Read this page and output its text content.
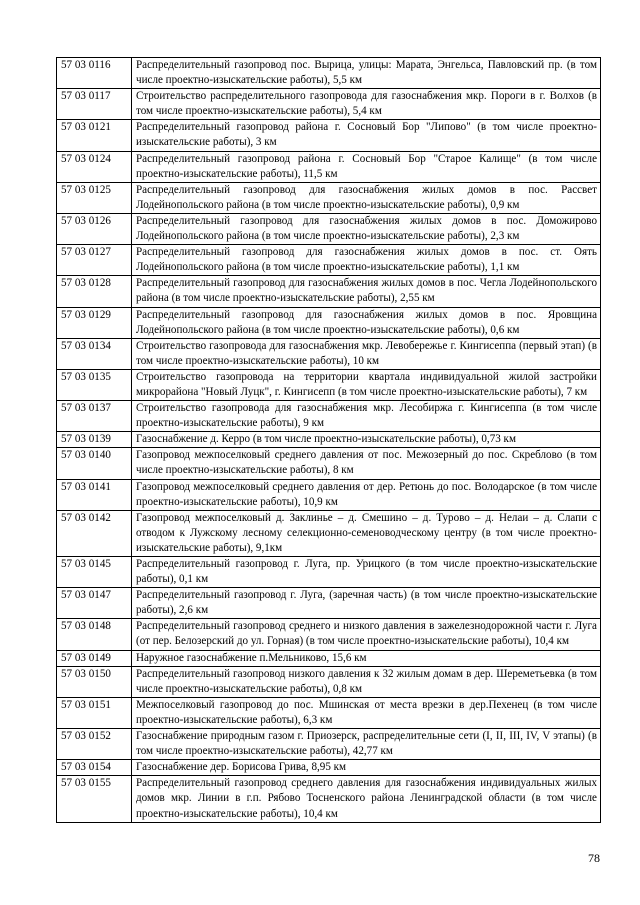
57 03 0116	Распределительный газопровод пос. Вырица, улицы: Марата, Энгельса, Павловский пр. (в том числе проектно-изыскательские работы), 5,5 км
57 03 0117	Строительство распределительного газопровода для газоснабжения мкр. Пороги в г. Волхов (в том числе проектно-изыскательские работы), 5,4 км
57 03 0121	Распределительный газопровод района г. Сосновый Бор "Липово" (в том числе проектно-изыскательские работы), 3 км
57 03 0124	Распределительный газопровод района г. Сосновый Бор "Старое Калище" (в том числе проектно-изыскательские работы), 11,5 км
57 03 0125	Распределительный газопровод для газоснабжения жилых домов в пос. Рассвет Лодейнопольского района (в том числе проектно-изыскательские работы), 0,9 км
57 03 0126	Распределительный газопровод для газоснабжения жилых домов в пос. Доможирово Лодейнопольского района (в том числе проектно-изыскательские работы), 2,3 км
57 03 0127	Распределительный газопровод для газоснабжения жилых домов в пос. ст. Оять Лодейнопольского района (в том числе проектно-изыскательские работы), 1,1 км
57 03 0128	Распределительный газопровод для газоснабжения жилых домов в пос. Чегла Лодейнопольского района (в том числе проектно-изыскательские работы), 2,55 км
57 03 0129	Распределительный газопровод для газоснабжения жилых домов в пос. Яровщина Лодейнопольского района (в том числе проектно-изыскательские работы), 0,6 км
57 03 0134	Строительство газопровода для газоснабжения мкр. Левобережье г. Кингисеппа (первый этап) (в том числе проектно-изыскательские работы), 10 км
57 03 0135	Строительство газопровода на территории квартала индивидуальной жилой застройки микрорайона "Новый Луцк", г. Кингисепп (в том числе проектно-изыскательские работы), 7 км
57 03 0137	Строительство газопровода для газоснабжения мкр. Лесобиржа г. Кингисеппа (в том числе проектно-изыскательские работы), 9 км
57 03 0139	Газоснабжение д. Керро (в том числе проектно-изыскательские работы), 0,73 км
57 03 0140	Газопровод межпоселковый среднего давления от пос. Межозерный до пос. Скреблово (в том числе проектно-изыскательские работы), 8 км
57 03 0141	Газопровод межпоселковый среднего давления от дер. Ретюнь до пос. Володарское (в том числе проектно-изыскательские работы), 10,9 км
57 03 0142	Газопровод межпоселковый д. Заклинье – д. Смешино – д. Турово – д. Нелаи – д. Слапи с отводом к Лужскому лесному селекционно-семеноводческому центру (в том числе проектно-изыскательские работы), 9,1км
57 03 0145	Распределительный газопровод г. Луга, пр. Урицкого (в том числе проектно-изыскательские работы), 0,1 км
57 03 0147	Распределительный газопровод г. Луга, (заречная часть) (в том числе проектно-изыскательские работы), 2,6 км
57 03 0148	Распределительный газопровод среднего и низкого давления в зажелезнодорожной части г. Луга (от пер. Белозерский до ул. Горная) (в том числе проектно-изыскательские работы), 10,4 км
57 03 0149	Наружное газоснабжение п.Мельниково, 15,6 км
57 03 0150	Распределительный газопровод низкого давления к 32 жилым домам в дер. Шереметьевка (в том числе проектно-изыскательские работы), 0,8 км
57 03 0151	Межпоселковый газопровод до пос. Мшинская от места врезки в дер.Пехенец (в том числе проектно-изыскательские работы), 6,3 км
57 03 0152	Газоснабжение природным газом г. Приозерск, распределительные сети (I, II, III, IV, V этапы) (в том числе проектно-изыскательские работы), 42,77 км
57 03 0154	Газоснабжение дер. Борисова Грива, 8,95 км
57 03 0155	Распределительный газопровод среднего давления для газоснабжения индивидуальных жилых домов мкр. Линии в г.п. Рябово Тосненского района Ленинградской области (в том числе проектно-изыскательские работы), 10,4 км
78
